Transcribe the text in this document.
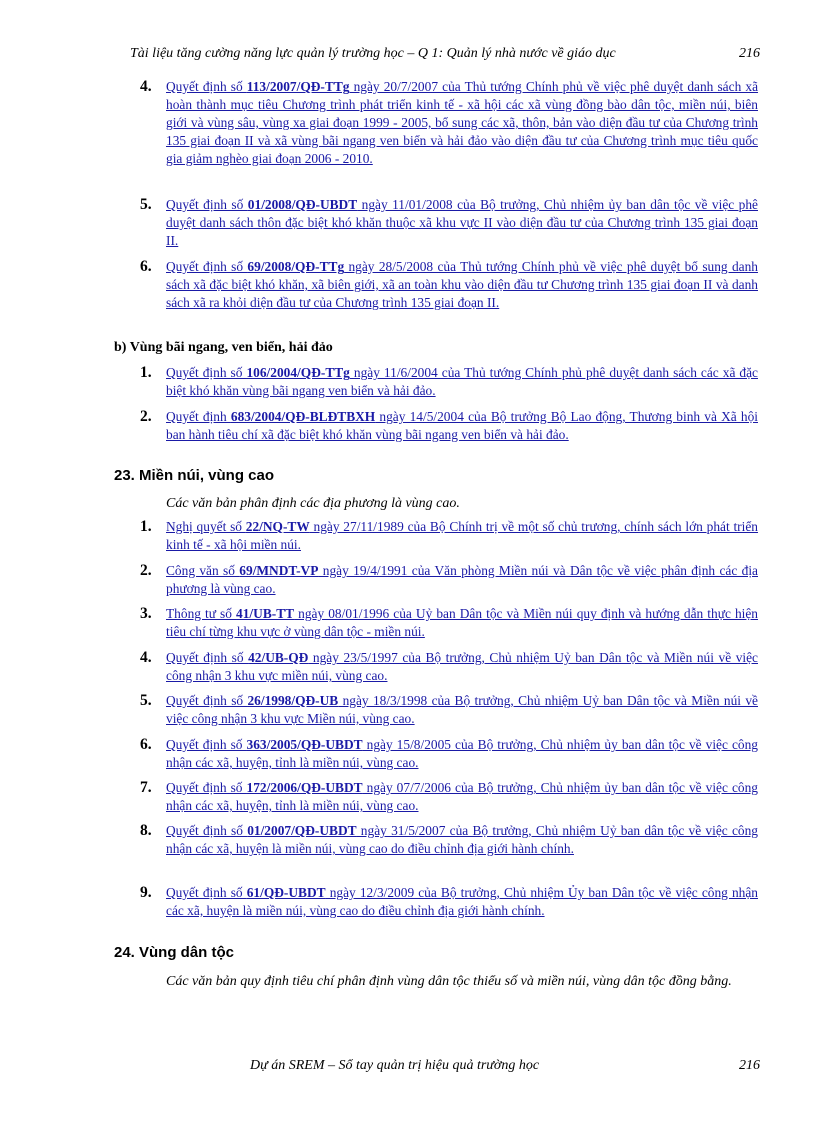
Tài liệu tăng cường năng lực quản lý trường học – Q 1: Quản lý nhà nước về giáo dục	216
4.	Quyết định số 113/2007/QĐ-TTg ngày 20/7/2007 của Thủ tướng Chính phủ về việc phê duyệt danh sách xã hoàn thành mục tiêu Chương trình phát triển kinh tế - xã hội các xã vùng đồng bào dân tộc, miền núi, biên giới và vùng sâu, vùng xa giai đoạn 1999 - 2005, bổ sung các xã, thôn, bản vào diện đầu tư của Chương trình 135 giai đoạn II và xã vùng bãi ngang ven biển và hải đảo vào diện đầu tư của Chương trình mục tiêu quốc gia giảm nghèo giai đoạn 2006 - 2010.
5.	Quyết định số 01/2008/QĐ-UBDT ngày 11/01/2008 của Bộ trưởng, Chủ nhiệm ủy ban dân tộc về việc phê duyệt danh sách thôn đặc biệt khó khăn thuộc xã khu vực II vào diện đầu tư của Chương trình 135 giai đoạn II.
6.	Quyết định số 69/2008/QĐ-TTg ngày 28/5/2008 của Thủ tướng Chính phủ về việc phê duyệt bổ sung danh sách xã đặc biệt khó khăn, xã biên giới, xã an toàn khu vào diện đầu tư Chương trình 135 giai đoạn II và danh sách xã ra khỏi diện đầu tư của Chương trình 135 giai đoạn II.
b) Vùng bãi ngang, ven biển, hải đảo
1.	Quyết định số 106/2004/QĐ-TTg ngày 11/6/2004 của Thủ tướng Chính phủ phê duyệt danh sách các xã đặc biệt khó khăn vùng bãi ngang ven biển và hải đảo.
2.	Quyết định 683/2004/QĐ-BLĐTBXH ngày 14/5/2004 của Bộ trưởng Bộ Lao động, Thương binh và Xã hội ban hành tiêu chí xã đặc biệt khó khăn vùng bãi ngang ven biển và hải đảo.
23. Miền núi, vùng cao
Các văn bản phân định các địa phương là vùng cao.
1.	Nghị quyết số 22/NQ-TW ngày 27/11/1989 của Bộ Chính trị về một số chủ trương, chính sách lớn phát triển kinh tế - xã hội miền núi.
2.	Công văn số 69/MNDT-VP ngày 19/4/1991 của Văn phòng Miền núi và Dân tộc về việc phân định các địa phương là vùng cao.
3.	Thông tư số 41/UB-TT ngày 08/01/1996 của Uỷ ban Dân tộc và Miền núi quy định và hướng dẫn thực hiện tiêu chí từng khu vực ở vùng dân tộc - miền núi.
4.	Quyết định số 42/UB-QĐ ngày 23/5/1997 của Bộ trưởng, Chủ nhiệm Uỷ ban Dân tộc và Miền núi về việc công nhận 3 khu vực miền núi, vùng cao.
5.	Quyết định số 26/1998/QĐ-UB ngày 18/3/1998 của Bộ trưởng, Chủ nhiệm Uỷ ban Dân tộc và Miền núi về việc công nhận 3 khu vực Miền núi, vùng cao.
6.	Quyết định số 363/2005/QĐ-UBDT ngày 15/8/2005 của Bộ trưởng, Chủ nhiệm ủy ban dân tộc về việc công nhận các xã, huyện, tỉnh là miền núi, vùng cao.
7.	Quyết định số 172/2006/QĐ-UBDT ngày 07/7/2006 của Bộ trưởng, Chủ nhiệm ủy ban dân tộc về việc công nhận các xã, huyện, tỉnh là miền núi, vùng cao.
8.	Quyết định số 01/2007/QĐ-UBDT ngày 31/5/2007 của Bộ trưởng, Chủ nhiệm Uỷ ban dân tộc về việc công nhận các xã, huyện là miền núi, vùng cao do điều chỉnh địa giới hành chính.
9.	Quyết định số 61/QĐ-UBDT ngày 12/3/2009 của Bộ trưởng, Chủ nhiệm Ủy ban Dân tộc về việc công nhận các xã, huyện là miền núi, vùng cao do điều chỉnh địa giới hành chính.
24. Vùng dân tộc
Các văn bản quy định tiêu chí phân định vùng dân tộc thiểu số và miền núi, vùng dân tộc đồng bằng.
Dự án SREM – Sổ tay quản trị hiệu quả trường học	216
